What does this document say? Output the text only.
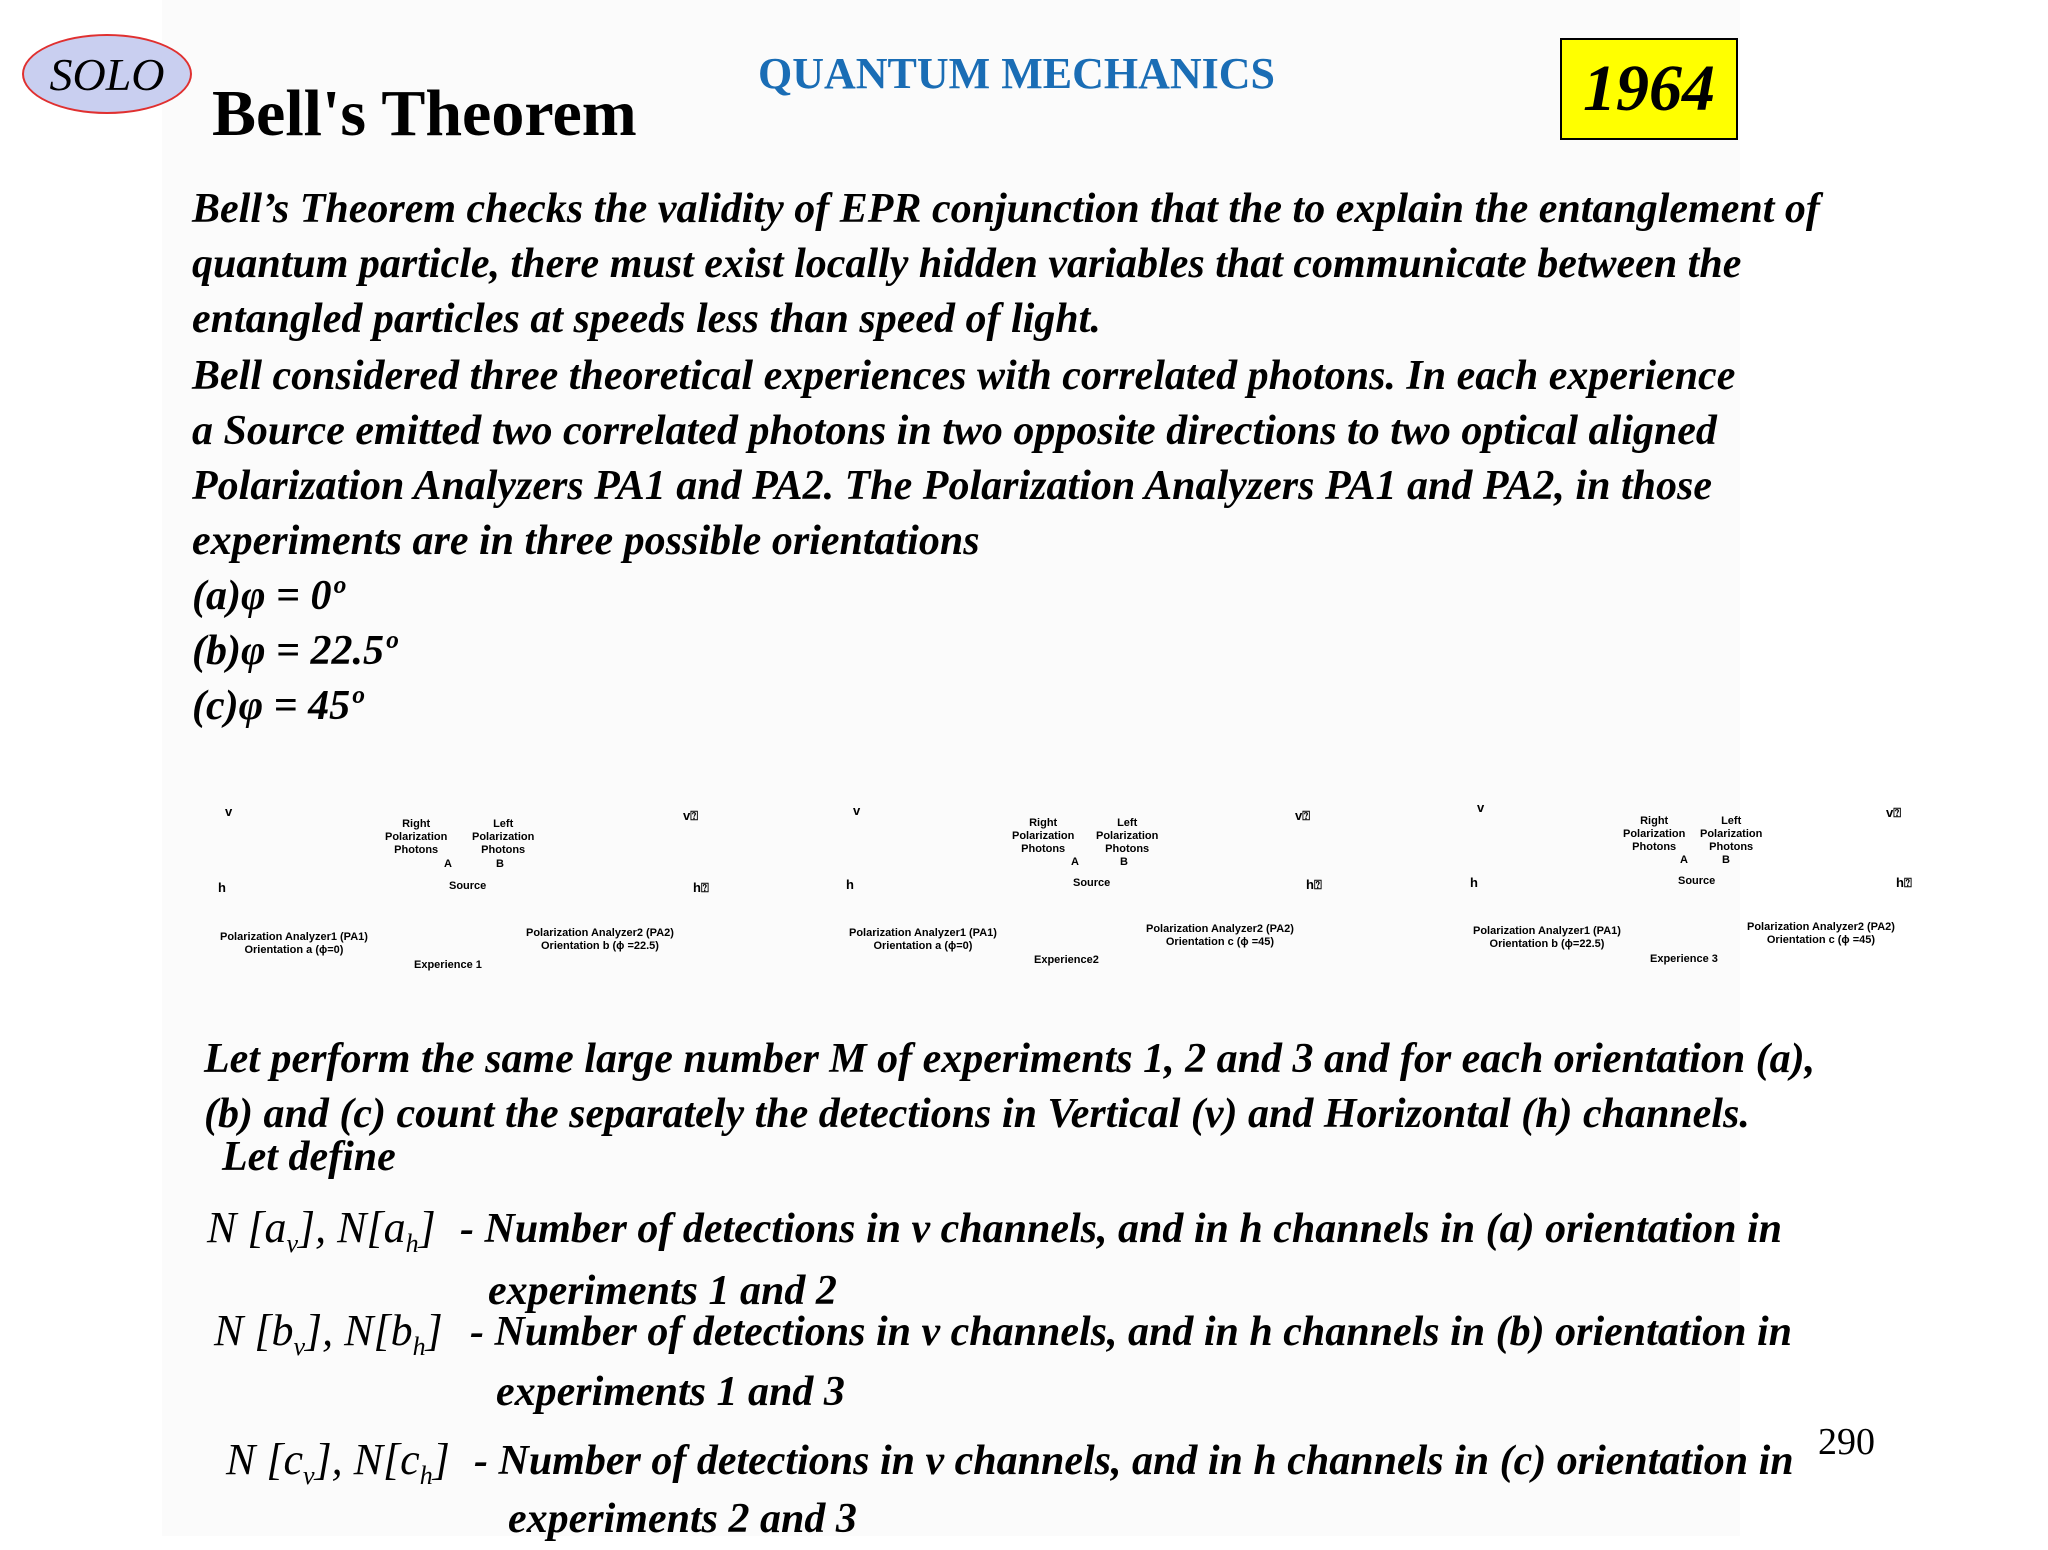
SOLO
Bell's Theorem
QUANTUM MECHANICS	1964

Bell’s Theorem checks the validity of EPR conjunction that the to explain the entanglement of

quantum particle, there must exist locally hidden variables that communicate between the

entangled particles at speeds less than speed of light.

Bell considered three theoretical experiences with correlated photons. In each experience

a Source emitted two correlated photons in two opposite directions to two optical aligned

Polarization Analyzers PA1 and PA2. The Polarization Analyzers PA1 and PA2, in those

experiments are in three possible orientations

(a)φ = 0º

(b)φ = 22.5º

(c)φ = 45º

v
h
v⍰
h⍰
Right
Polarization
Photons
Left
Polarization
Photons
A	B
Source
Polarization Analyzer1 (PA1)
Orientation a (ϕ=0)
Polarization Analyzer2 (PA2)
Orientation b (ϕ =22.5)
Experience 1
v
h
v⍰
h⍰
Right
Polarization
Photons
Left
Polarization
Photons
A	B
Source
Polarization Analyzer1 (PA1)
Orientation a (ϕ=0)
Polarization Analyzer2 (PA2)
Orientation c (ϕ =45)
Experience2
v
h
v⍰
h⍰
Right
Polarization
Photons
Left
Polarization
Photons
A	B
Source
Polarization Analyzer1 (PA1)
Orientation b (ϕ=22.5)
Polarization Analyzer2 (PA2)
Orientation c (ϕ =45)
Experience 3

Let perform the same large number M of experiments 1, 2 and 3 and for each orientation (a),

(b) and (c) count the separately the detections in Vertical (v) and Horizontal (h) channels.

Let define
N $[a_v]$, $N[a_h]$ - Number of detections in v channels, and in h channels in (a) orientation in
experiments 1 and 2
N $[b_v]$, $N[b_h]$ - Number of detections in v channels, and in h channels in (b) orientation in
experiments 1 and 3
N $[c_v]$, $N[c_h]$ - Number of detections in v channels, and in h channels in (c) orientation in
experiments 2 and 3
290
